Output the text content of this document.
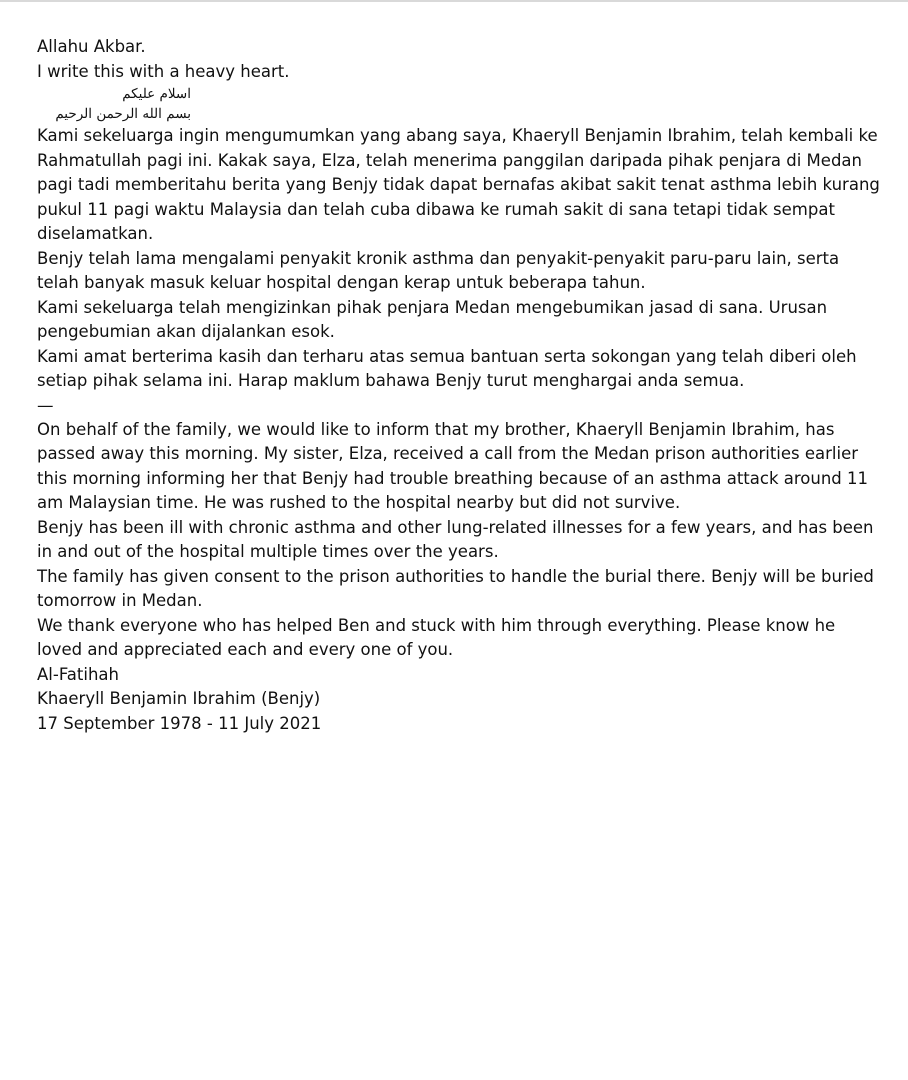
Allahu Akbar.
I write this with a heavy heart.

اسلام عليكم
بسم الله الرحمن الرحيم

Kami sekeluarga ingin mengumumkan yang abang saya, Khaeryll Benjamin Ibrahim, telah kembali ke
Rahmatullah pagi ini. Kakak saya, Elza, telah menerima panggilan daripada pihak penjara di Medan
pagi tadi memberitahu berita yang Benjy tidak dapat bernafas akibat sakit tenat asthma lebih kurang
pukul 11 pagi waktu Malaysia dan telah cuba dibawa ke rumah sakit di sana tetapi tidak sempat
diselamatkan.

Benjy telah lama mengalami penyakit kronik asthma dan penyakit-penyakit paru-paru lain, serta
telah banyak masuk keluar hospital dengan kerap untuk beberapa tahun.

Kami sekeluarga telah mengizinkan pihak penjara Medan mengebumikan jasad di sana. Urusan
pengebumian akan dijalankan esok.

Kami amat berterima kasih dan terharu atas semua bantuan serta sokongan yang telah diberi oleh
setiap pihak selama ini. Harap maklum bahawa Benjy turut menghargai anda semua.

—

On behalf of the family, we would like to inform that my brother, Khaeryll Benjamin Ibrahim, has
passed away this morning. My sister, Elza, received a call from the Medan prison authorities earlier
this morning informing her that Benjy had trouble breathing because of an asthma attack around 11
am Malaysian time. He was rushed to the hospital nearby but did not survive.

Benjy has been ill with chronic asthma and other lung-related illnesses for a few years, and has been
in and out of the hospital multiple times over the years.

The family has given consent to the prison authorities to handle the burial there. Benjy will be buried
tomorrow in Medan.

We thank everyone who has helped Ben and stuck with him through everything. Please know he
loved and appreciated each and every one of you.

Al-Fatihah
Khaeryll Benjamin Ibrahim (Benjy)
17 September 1978 - 11 July 2021
